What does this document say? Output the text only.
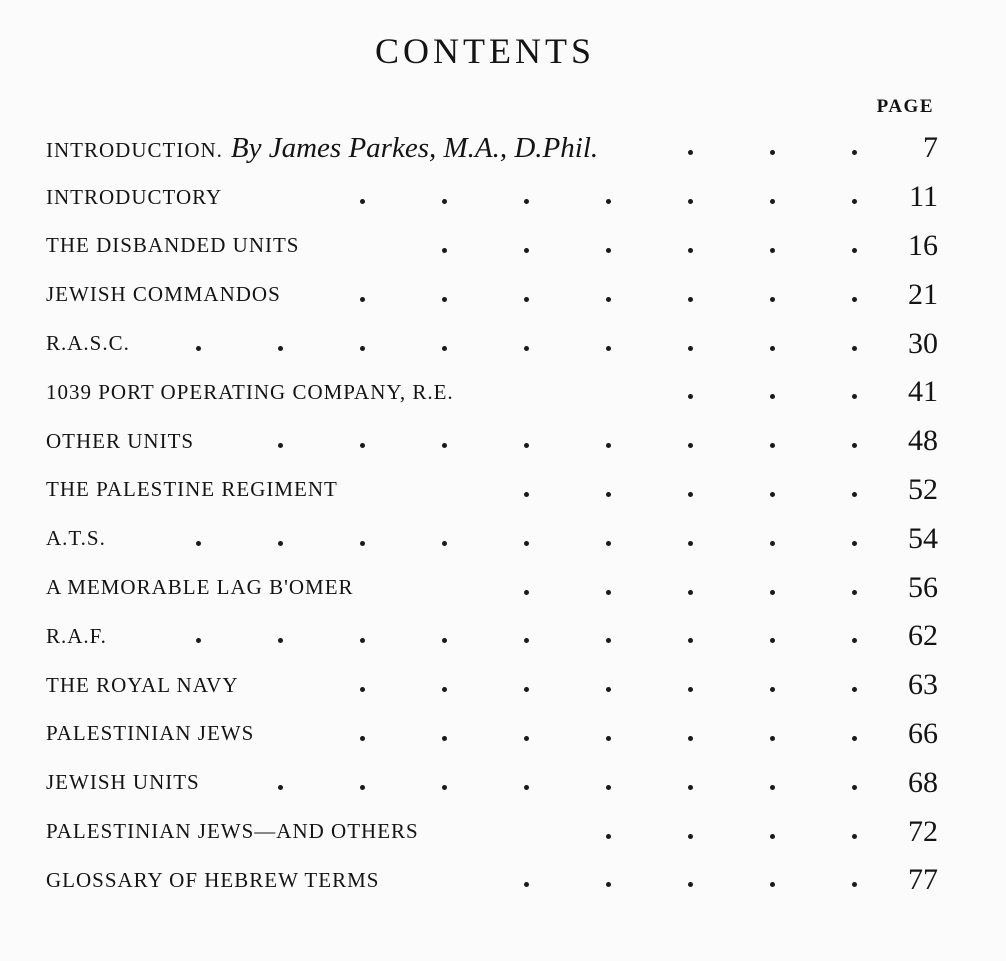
CONTENTS
PAGE
INTRODUCTION. By James Parkes, M.A., D.Phil.	7
INTRODUCTORY	11
THE DISBANDED UNITS	16
JEWISH COMMANDOS	21
R.A.S.C.	30
1039 PORT OPERATING COMPANY, R.E.	41
OTHER UNITS	48
THE PALESTINE REGIMENT	52
A.T.S.	54
A MEMORABLE LAG B'OMER	56
R.A.F.	62
THE ROYAL NAVY	63
PALESTINIAN JEWS	66
JEWISH UNITS	68
PALESTINIAN JEWS—AND OTHERS	72
GLOSSARY OF HEBREW TERMS	77
